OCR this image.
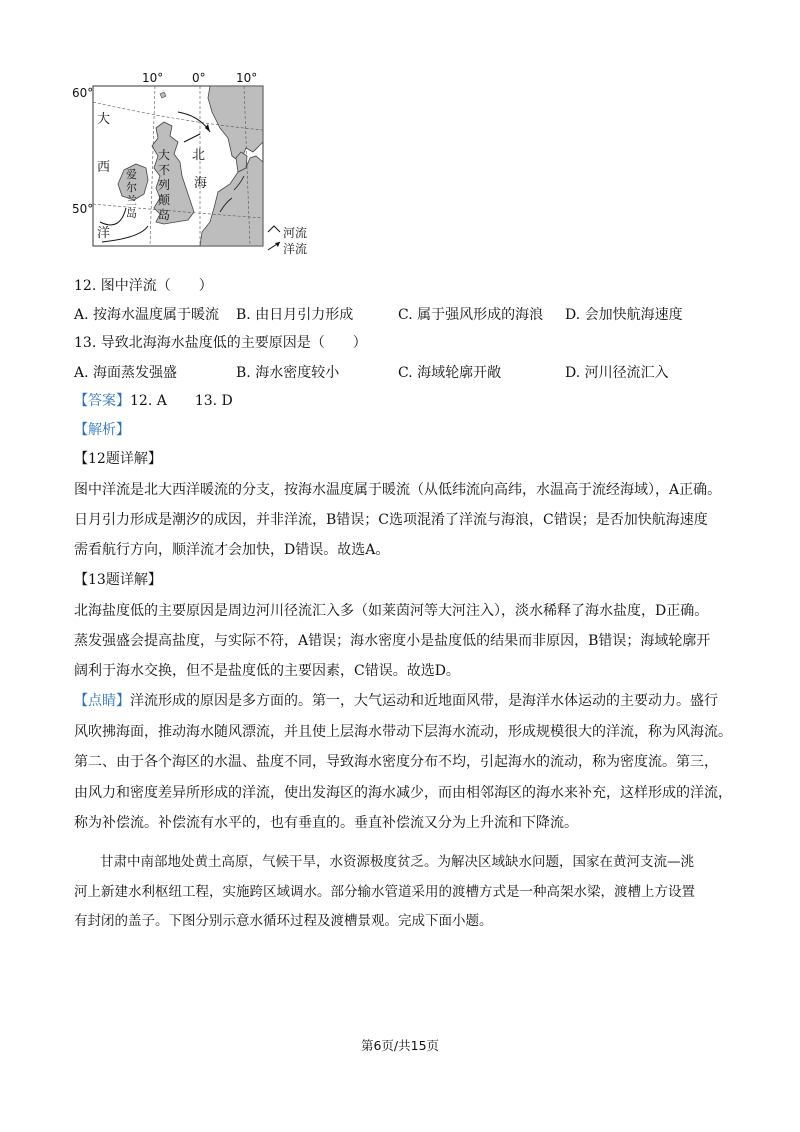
10° 0°	10°
60°
50°
大
西
洋
北
海
大
不
列
颠
岛
爱
尔
兰
岛
河流
洋流
12. 图中洋流（　　）
A. 按海水温度属于暖流 B. 由日月引力形成	C. 属于强风形成的海浪 D. 会加快航海速度
13. 导致北海海水盐度低的主要原因是（　　）
A. 海面蒸发强盛	B. 海水密度较小	C. 海域轮廓开敞	D. 河川径流汇入
【答案】12. A　　13. D
【解析】
【12题详解】
图中洋流是北大西洋暖流的分支，按海水温度属于暖流（从低纬流向高纬，水温高于流经海域），A正确。
日月引力形成是潮汐的成因，并非洋流，B错误；C选项混淆了洋流与海浪，C错误；是否加快航海速度
需看航行方向，顺洋流才会加快，D错误。故选A。
【13题详解】
北海盐度低的主要原因是周边河川径流汇入多（如莱茵河等大河注入），淡水稀释了海水盐度，D正确。
蒸发强盛会提高盐度，与实际不符，A错误；海水密度小是盐度低的结果而非原因，B错误；海域轮廓开
阔利于海水交换，但不是盐度低的主要因素，C错误。故选D。
【点睛】洋流形成的原因是多方面的。第一，大气运动和近地面风带，是海洋水体运动的主要动力。盛行
风吹拂海面，推动海水随风漂流，并且使上层海水带动下层海水流动，形成规模很大的洋流，称为风海流。
第二、由于各个海区的水温、盐度不同，导致海水密度分布不均，引起海水的流动，称为密度流。第三，
由风力和密度差异所形成的洋流，使出发海区的海水减少，而由相邻海区的海水来补充，这样形成的洋流，
称为补偿流。补偿流有水平的，也有垂直的。垂直补偿流又分为上升流和下降流。
甘肃中南部地处黄土高原，气候干旱，水资源极度贫乏。为解决区域缺水问题，国家在黄河支流—洮
河上新建水利枢纽工程，实施跨区域调水。部分输水管道采用的渡槽方式是一种高架水梁，渡槽上方设置
有封闭的盖子。下图分别示意水循环过程及渡槽景观。完成下面小题。
第6页/共15页
